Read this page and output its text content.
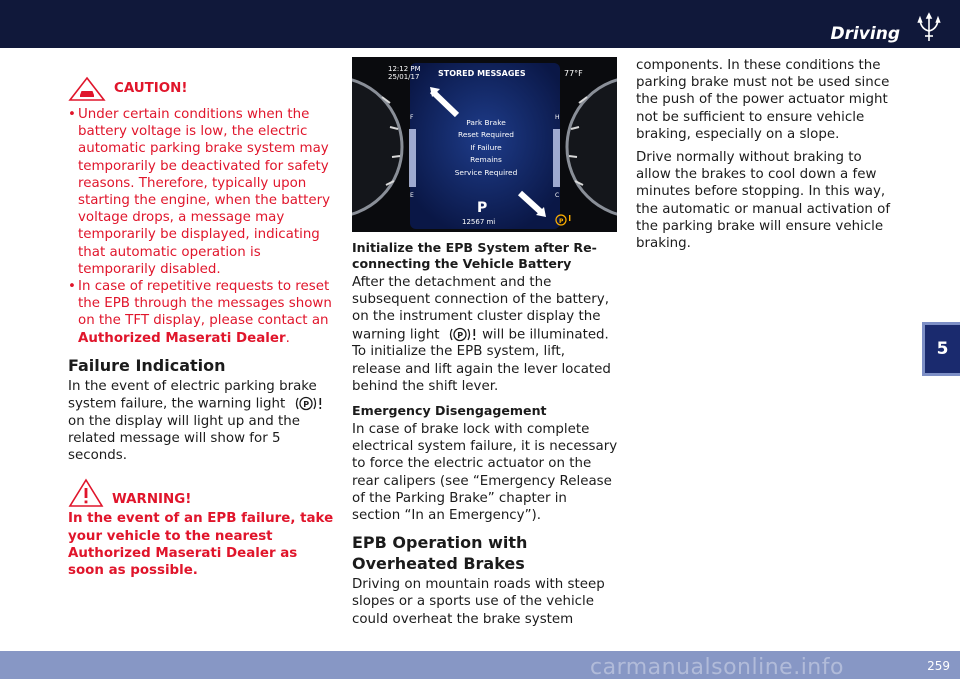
Driving
5
CAUTION!
• Under certain conditions when the battery voltage is low, the electric automatic parking brake system may temporarily be deactivated for safety reasons. Therefore, typically upon starting the engine, when the battery voltage drops, a message may temporarily be displayed, indicating that automatic operation is temporarily disabled.
• In case of repetitive requests to reset the EPB through the messages shown on the TFT display, please contact an Authorized Maserati Dealer.
Failure Indication

In the event of electric parking brake system failure, the warning light P
on the display will light up and the related message will show for 5 seconds.

WARNING!

In the event of an EPB failure, take your vehicle to the nearest Authorized Maserati Dealer as soon as possible.

F
E
H
C
P
12:12 PM
25/01/17 STORED MESSAGES	77°F
Park Brake
Reset Required
If Failure
Remains
Service Required
P
12567 mi
Initialize the EPB System after Re-connecting the Vehicle Battery

After the detachment and the subsequent connection of the battery, on the instrument cluster display the warning light P will be illuminated. To initialize the EPB system, lift, release and lift again the lever located behind the shift lever.

Emergency Disengagement

In case of brake lock with complete electrical system failure, it is necessary to force the electric actuator on the rear calipers (see “Emergency Release of the Parking Brake” chapter in section “In an Emergency”).

EPB Operation with Overheated Brakes

Driving on mountain roads with steep slopes or a sports use of the vehicle could overheat the brake system

components. In these conditions the parking brake must not be used since the push of the power actuator might not be sufficient to ensure vehicle braking, especially on a slope.

Drive normally without braking to allow the brakes to cool down a few minutes before stopping. In this way, the automatic or manual activation of the parking brake will ensure vehicle braking.

carmanualsonline.info	259
